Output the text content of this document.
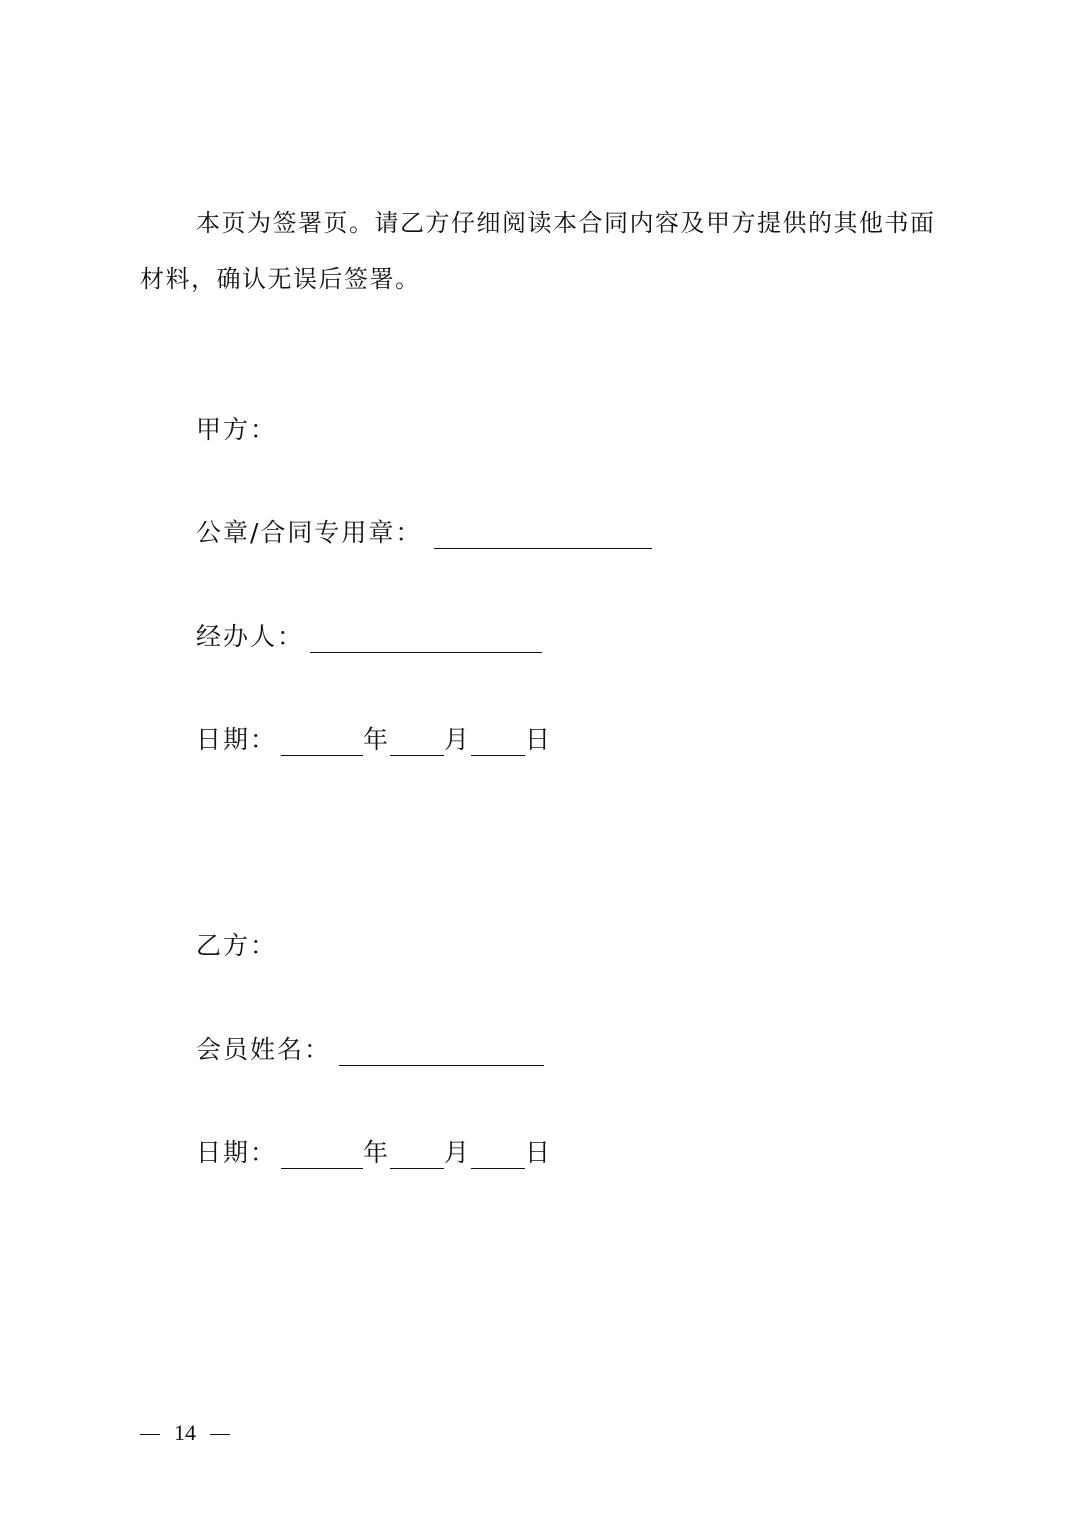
本页为签署页。请乙方仔细阅读本合同内容及甲方提供的其他书面
材料，确认无误后签署。
甲方：
公章/合同专用章：
经办人：
日期：	年 月 日
乙方：
会员姓名：
日期：	年 月 日
14
